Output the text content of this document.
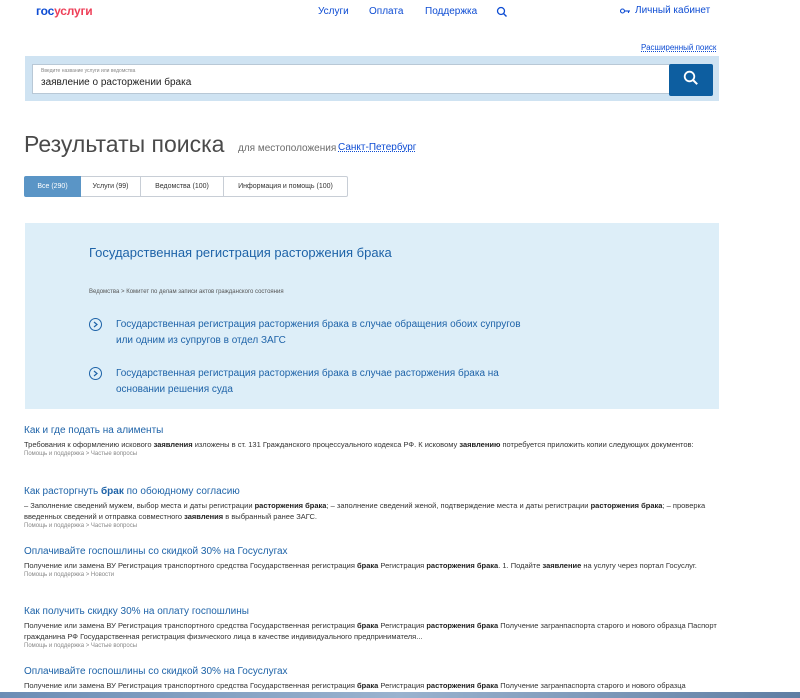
госуслуги	Услуги Оплата Поддержка	Личный кабинет
Расширенный поиск
Введите название услуги или ведомства
заявление о расторжении брака
Результаты поиска для местоположения Санкт-Петербург
Все (290)	Услуги (99)	Ведомства (100)	Информация и помощь (100)
Государственная регистрация расторжения брака
Ведомства > Комитет по делам записи актов гражданского состояния
Государственная регистрация расторжения брака в случае обращения обоих супругов или одним из супругов в отдел ЗАГС
Государственная регистрация расторжения брака в случае расторжения брака на основании решения суда
Как и где подать на алименты
Требования к оформлению искового заявления изложены в ст. 131 Гражданского процессуального кодекса РФ. К исковому заявлению потребуется приложить копии следующих документов:
Помощь и поддержка > Частые вопросы
Как расторгнуть брак по обоюдному согласию
– Заполнение сведений мужем, выбор места и даты регистрации расторжения брака; – заполнение сведений женой, подтверждение места и даты регистрации расторжения брака; – проверка введенных сведений и отправка совместного заявления в выбранный ранее ЗАГС.
Помощь и поддержка > Частые вопросы
Оплачивайте госпошлины со скидкой 30% на Госуслугах
Получение или замена ВУ Регистрация транспортного средства Государственная регистрация брака Регистрация расторжения брака. 1. Подайте заявление на услугу через портал Госуслуг.
Помощь и поддержка > Новости
Как получить скидку 30% на оплату госпошлины
Получение или замена ВУ Регистрация транспортного средства Государственная регистрация брака Регистрация расторжения брака Получение загранпаспорта старого и нового образца Паспорт гражданина РФ Государственная регистрация физического лица в качестве индивидуального предпринимателя...
Помощь и поддержка > Частые вопросы
Оплачивайте госпошлины со скидкой 30% на Госуслугах
Получение или замена ВУ Регистрация транспортного средства Государственная регистрация брака Регистрация расторжения брака Получение загранпаспорта старого и нового образца
